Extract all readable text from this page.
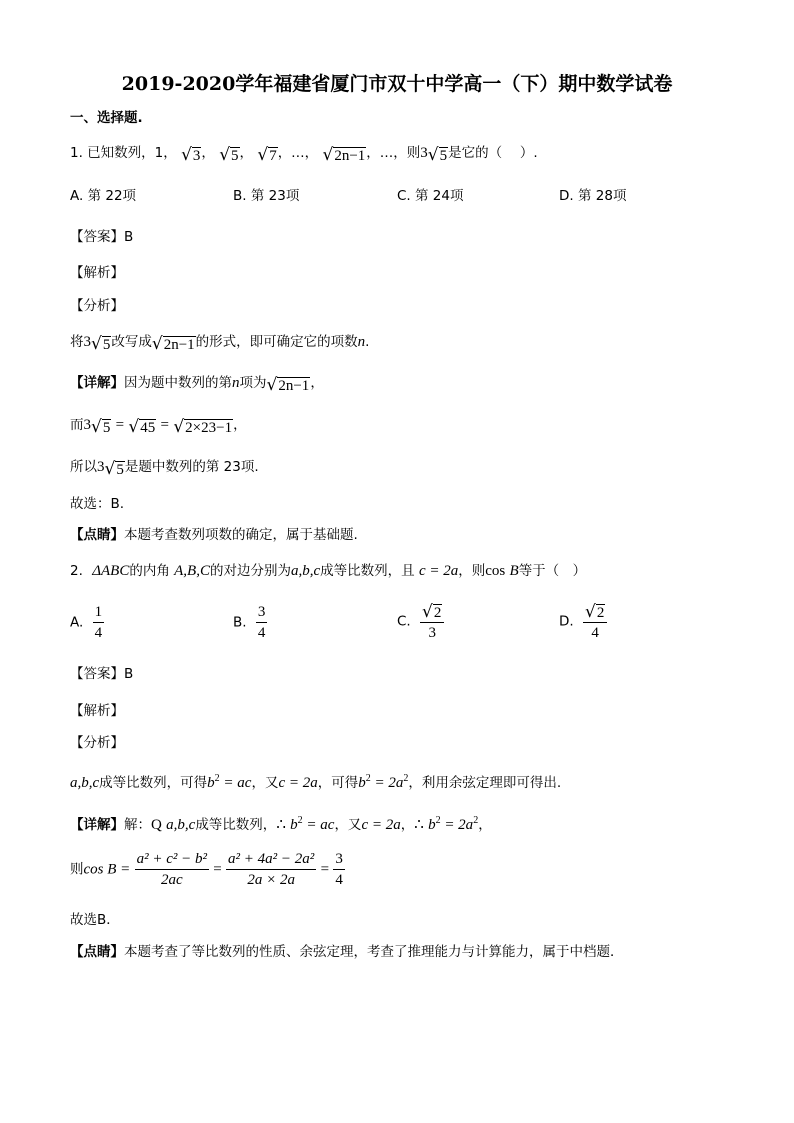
2019-2020学年福建省厦门市双十中学高一（下）期中数学试卷
一、选择题.
1. 已知数列，1， √ 3 ， √ 5 ， √ 7 ，…， √ 2n−1 ，…，则3 √ 5 是它的（　 ）.
A. 第 22项	B. 第 23项	C. 第 24项	D. 第 28项
【答案】B
【解析】
【分析】
将3 √ 5 改写成 √ 2n−1 的形式，即可确定它的项数n.
【详解】因为题中数列的第n项为 √ 2n−1 ，
而3 √ 5 = √ 45 = √ 2×23−1 ，
所以3 √ 5 是题中数列的第 23项.
故选：B.
【点睛】本题考查数列项数的确定，属于基础题.
2. ΔABC的内角 A,B,C的对边分别为a,b,c成等比数列，且 c = 2a，则cos B等于（　）
A. $\frac{1}{4}$	B. $\frac{3}{4}$	C. $\frac{√ 2}{3}$	D. $\frac{√ 2}{4}$
【答案】B
【解析】
【分析】
a,b,c成等比数列，可得$b^2$ = ac，又c = 2a，可得$b^2 = 2a^2$，利用余弦定理即可得出.
【详解】解：Q a,b,c成等比数列，∴ $b^2$ = ac，又c = 2a，∴ $b^2 = 2a^2$，
则$\cos B = \frac{\text{a² + c² − b²}}{2ac} = \frac{\text{a² + 4a² − 2a²}}{2a \times 2a} = \frac{3}{4}$
故选B．
【点睛】本题考查了等比数列的性质、余弦定理，考查了推理能力与计算能力，属于中档题．
